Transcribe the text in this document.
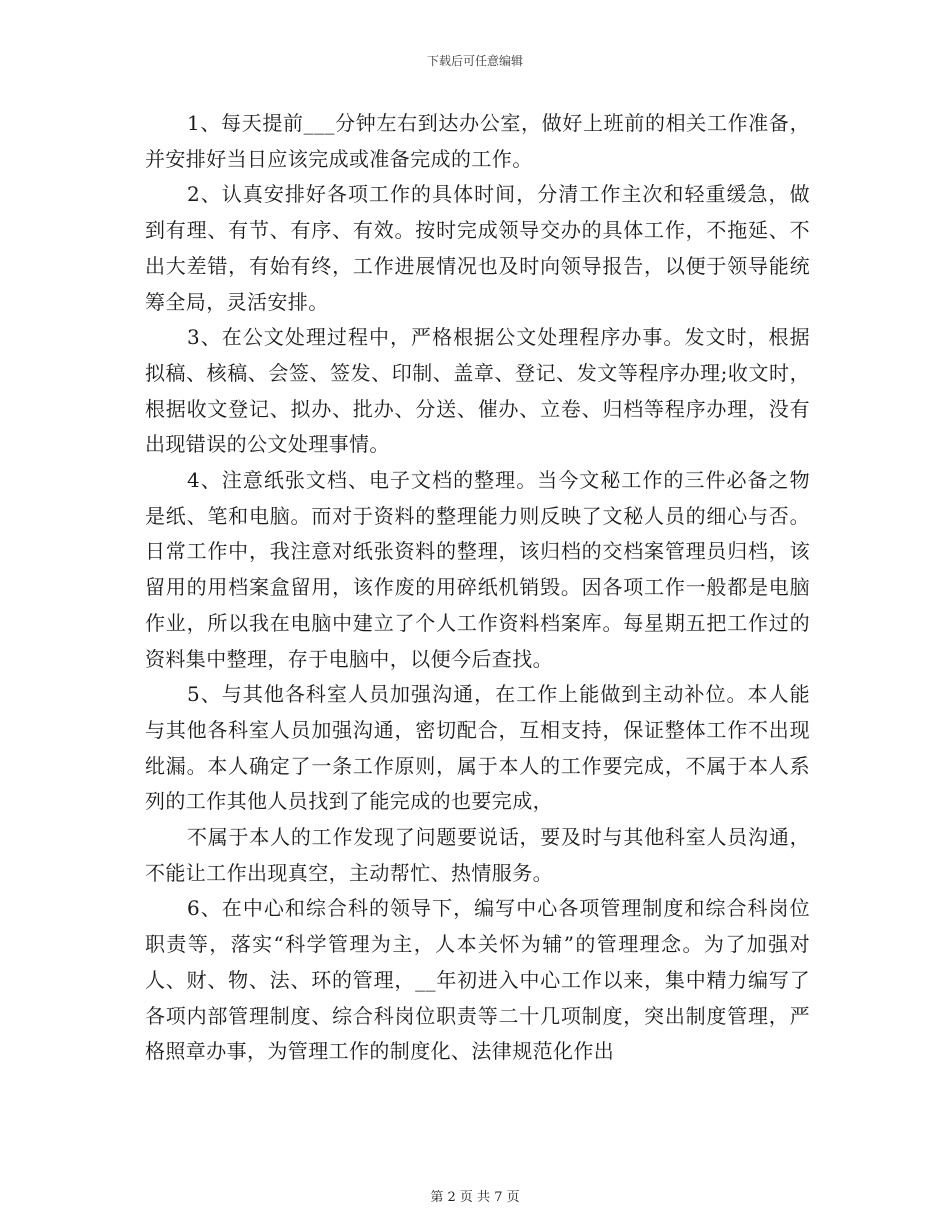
下载后可任意编辑

1、每天提前___分钟左右到达办公室，做好上班前的相关工作准备，并安排好当日应该完成或准备完成的工作。

2、认真安排好各项工作的具体时间，分清工作主次和轻重缓急，做到有理、有节、有序、有效。按时完成领导交办的具体工作，不拖延、不出大差错，有始有终，工作进展情况也及时向领导报告，以便于领导能统筹全局，灵活安排。

3、在公文处理过程中，严格根据公文处理程序办事。发文时，根据拟稿、核稿、会签、签发、印制、盖章、登记、发文等程序办理;收文时，根据收文登记、拟办、批办、分送、催办、立卷、归档等程序办理，没有出现错误的公文处理事情。

4、注意纸张文档、电子文档的整理。当今文秘工作的三件必备之物是纸、笔和电脑。而对于资料的整理能力则反映了文秘人员的细心与否。日常工作中，我注意对纸张资料的整理，该归档的交档案管理员归档，该留用的用档案盒留用，该作废的用碎纸机销毁。因各项工作一般都是电脑作业，所以我在电脑中建立了个人工作资料档案库。每星期五把工作过的资料集中整理，存于电脑中，以便今后查找。

5、与其他各科室人员加强沟通，在工作上能做到主动补位。本人能与其他各科室人员加强沟通，密切配合，互相支持，保证整体工作不出现纰漏。本人确定了一条工作原则，属于本人的工作要完成，不属于本人系列的工作其他人员找到了能完成的也要完成，

不属于本人的工作发现了问题要说话，要及时与其他科室人员沟通，不能让工作出现真空，主动帮忙、热情服务。

6、在中心和综合科的领导下，编写中心各项管理制度和综合科岗位职责等，落实“科学管理为主，人本关怀为辅”的管理理念。为了加强对人、财、物、法、环的管理，__年初进入中心工作以来，集中精力编写了各项内部管理制度、综合科岗位职责等二十几项制度，突出制度管理，严格照章办事，为管理工作的制度化、法律规范化作出

第 2 页 共 7 页
